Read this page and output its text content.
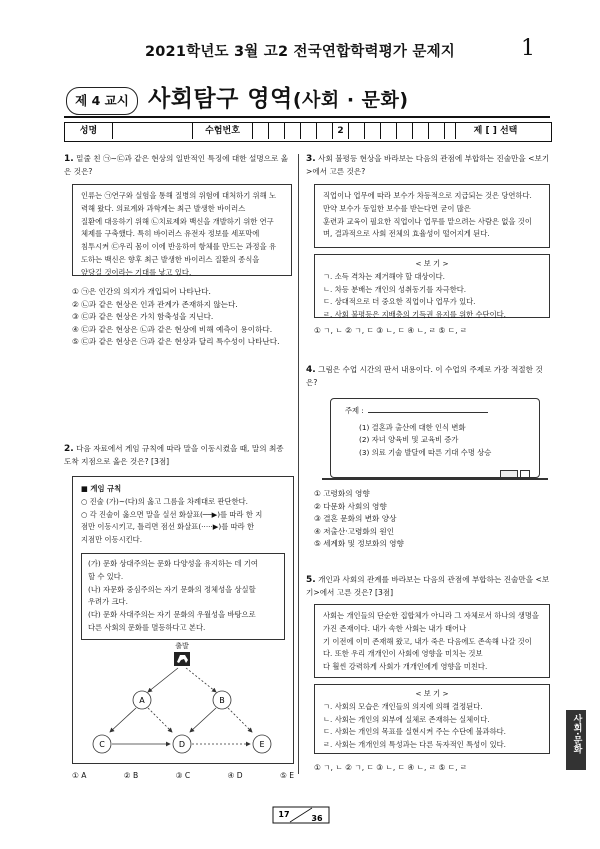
2021학년도 3월 고2 전국연합학력평가 문제지	1
제 4 교시 사회탐구 영역(사회 · 문화)
성명	수험번호	2	제 [ ] 선택
1. 밑줄 친 ㉠~㉢과 같은 현상의 일반적인 특징에 대한 설명으로 옳은 것은?
인류는 ㉠연구와 실험을 통해 질병의 위험에 대처하기 위해 노력해 왔다. 의료계와 과학계는 최근 발생한 바이러스
질환에 대응하기 위해 ㉡치료제와 백신을 개발하기 위한 연구 체제를 구축했다. 특히 바이러스 유전자 정보를 세포막에
침투시켜 ㉢우리 몸이 이에 반응하여 항체를 만드는 과정을 유도하는 백신은 향후 최근 발생한 바이러스 질환의 종식을
앞당길 것이라는 기대를 낳고 있다.
① ㉠은 인간의 의지가 개입되어 나타난다.
② ㉡과 같은 현상은 인과 관계가 존재하지 않는다.
③ ㉢과 같은 현상은 가치 함축성을 지닌다.
④ ㉢과 같은 현상은 ㉡과 같은 현상에 비해 예측이 용이하다.
⑤ ㉢과 같은 현상은 ㉠과 같은 현상과 달리 특수성이 나타난다.
2. 다음 자료에서 게임 규칙에 따라 말을 이동시켰을 때, 말의 최종 도착 지점으로 옳은 것은? [3점]
■ 게임 규칙
○ 진술 (가)~(다)의 옳고 그름을 차례대로 판단한다.
○ 각 진술이 옳으면 말을 실선 화살표(──▶)를 따라 한 지
점만 이동시키고, 틀리면 점선 화살표(·····▶)를 따라 한
지점만 이동시킨다.
(가) 문화 상대주의는 문화 다양성을 유지하는 데 기여
할 수 있다.
(나) 자문화 중심주의는 자기 문화의 정체성을 상실할
우려가 크다.
(다) 문화 사대주의는 자기 문화의 우월성을 바탕으로
다른 사회의 문화를 멸등하다고 본다.
출발
A	B
C	D	E
① A	② B	③ C	④ D	⑤ E
3. 사회 불평등 현상을 바라보는 다음의 관점에 부합하는 진술만을 <보기>에서 고른 것은?
직업이나 업무에 따라 보수가 차등적으로 지급되는 것은 당연하다. 만약 보수가 동일한 보수를 받는다면 굳이 많은
훈련과 교육이 필요한 직업이나 업무를 맡으려는 사람은 없을 것이며, 결과적으로 사회 전체의 효율성이 떨어지게 된다.
< 보 기 >
ㄱ. 소득 격차는 제거해야 할 대상이다.
ㄴ. 차등 분배는 개인의 성취동기를 자극한다.
ㄷ. 상대적으로 더 중요한 직업이나 업무가 있다.
ㄹ. 사회 불평등은 지배층의 기득권 유지를 위한 수단이다.
① ㄱ, ㄴ ② ㄱ, ㄷ ③ ㄴ, ㄷ ④ ㄴ, ㄹ ⑤ ㄷ, ㄹ
4. 그림은 수업 시간의 판서 내용이다. 이 수업의 주제로 가장 적절한 것은?
주제 :
(1) 결혼과 출산에 대한 인식 변화
(2) 자녀 양육비 및 교육비 증가
(3) 의료 기술 발달에 따른 기대 수명 상승
① 고령화의 영향
② 다문화 사회의 영향
③ 결혼 문화의 변화 양상
④ 저출산·고령화의 원인
⑤ 세계화 및 정보화의 영향
5. 개인과 사회의 관계를 바라보는 다음의 관점에 부합하는 진술만을 <보기>에서 고른 것은? [3점]
사회는 개인들의 단순한 집합체가 아니라 그 자체로서 하나의 생명을 가진 존재이다. 내가 속한 사회는 내가 태어나
기 이전에 이미 존재해 왔고, 내가 죽은 다음에도 존속해 나갈 것이다. 또한 우리 개개인이 사회에 영향을 미치는 것보
다 훨씬 강력하게 사회가 개개인에게 영향을 미친다.
< 보 기 >
ㄱ. 사회의 모습은 개인들의 의지에 의해 결정된다.
ㄴ. 사회는 개인의 외부에 실체로 존재하는 실체이다.
ㄷ. 사회는 개인의 목표를 실현시켜 주는 수단에 불과하다.
ㄹ. 사회는 개개인의 특성과는 다른 독자적인 특성이 있다.
① ㄱ, ㄴ ② ㄱ, ㄷ ③ ㄴ, ㄷ ④ ㄴ, ㄹ ⑤ ㄷ, ㄹ
사회·문화
17	36
